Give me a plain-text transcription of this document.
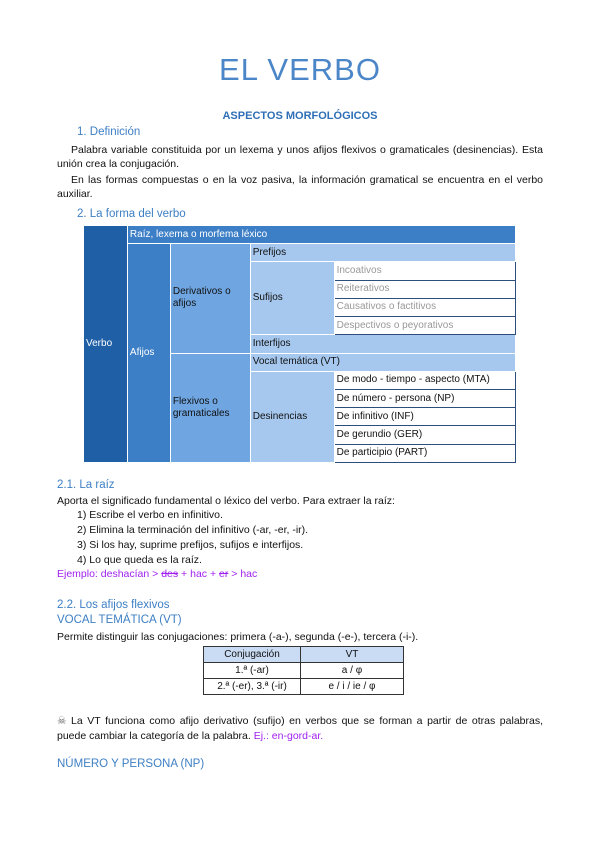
EL VERBO
ASPECTOS MORFOLÓGICOS
1. Definición

Palabra variable constituida por un lexema y unos afijos flexivos o gramaticales (desinencias). Esta unión crea la conjugación.

En las formas compuestas o en la voz pasiva, la información gramatical se encuentra en el verbo auxiliar.

2. La forma del verbo
Verbo	Raíz, lexema o morfema léxico			
	Afijos	Derivativos o afijos	Prefijos	
			Sufijos	Incoativos
				Reiterativos
				Causativos o factitivos
				Despectivos o peyorativos
			Interfijos	
		Flexivos o gramaticales	Vocal temática (VT)	
			Desinencias	De modo - tiempo - aspecto (MTA)
				De número - persona (NP)
				De infinitivo (INF)
				De gerundio (GER)
				De participio (PART)
2.1. La raíz
Aporta el significado fundamental o léxico del verbo. Para extraer la raíz:
1) Escribe el verbo en infinitivo.
2) Elimina la terminación del infinitivo (-ar, -er, -ir).
3) Si los hay, suprime prefijos, sufijos e interfijos.
4) Lo que queda es la raíz.
Ejemplo: deshacían > des + hac + er > hac
2.2. Los afijos flexivos
VOCAL TEMÁTICA (VT)
Permite distinguir las conjugaciones: primera (-a-), segunda (-e-), tercera (-i-).
Conjugación	VT
1.ª (-ar)	a / φ
2.ª (-er), 3.ª (-ir)	e / i / ie / φ

☠ La VT funciona como afijo derivativo (sufijo) en verbos que se forman a partir de otras palabras, puede cambiar la categoría de la palabra. Ej.: en-gord-ar.

NÚMERO Y PERSONA (NP)
